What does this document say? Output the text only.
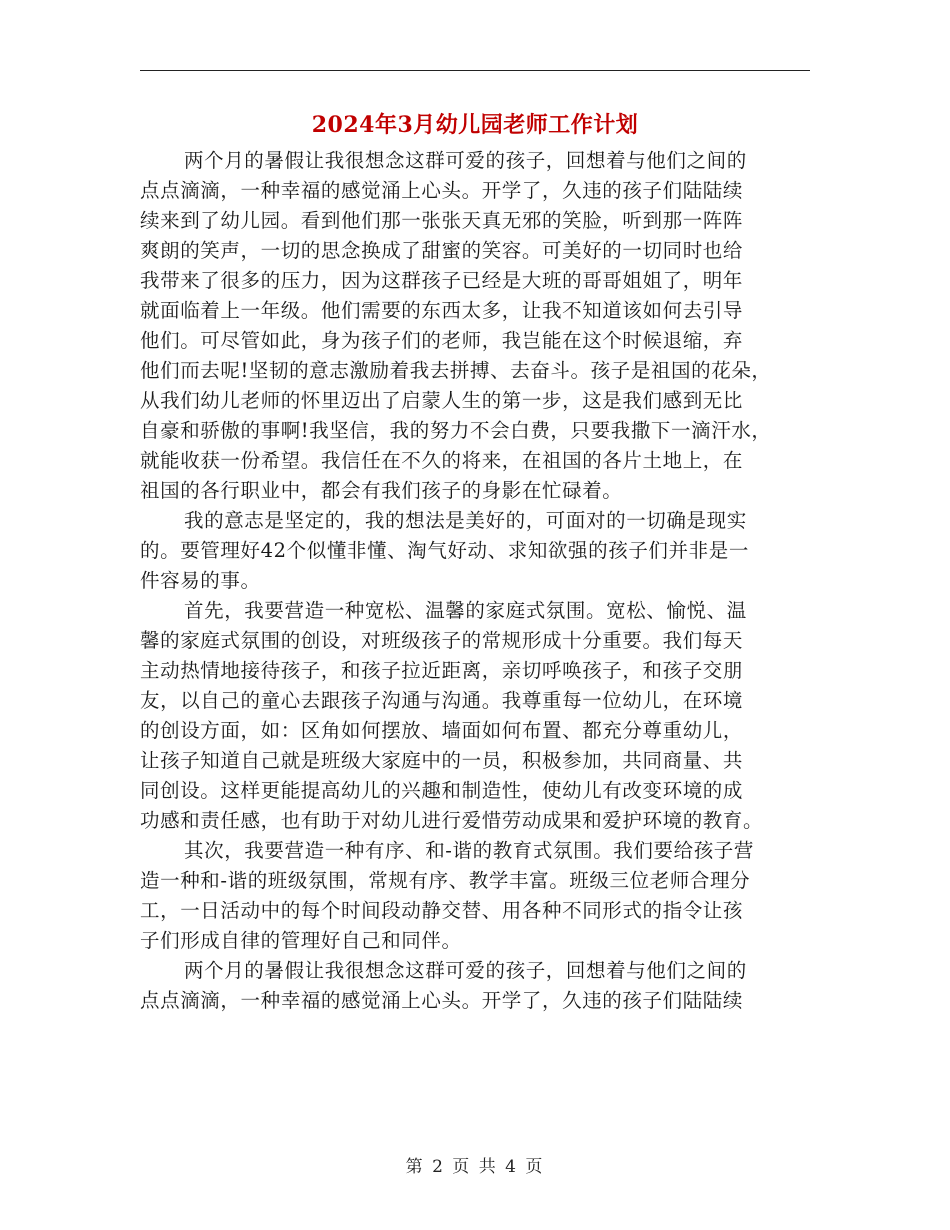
2024年3月幼儿园老师工作计划
两个月的暑假让我很想念这群可爱的孩子，回想着与他们之间的
点点滴滴，一种幸福的感觉涌上心头。开学了，久违的孩子们陆陆续
续来到了幼儿园。看到他们那一张张天真无邪的笑脸，听到那一阵阵
爽朗的笑声，一切的思念换成了甜蜜的笑容。可美好的一切同时也给
我带来了很多的压力，因为这群孩子已经是大班的哥哥姐姐了，明年
就面临着上一年级。他们需要的东西太多，让我不知道该如何去引导
他们。可尽管如此，身为孩子们的老师，我岂能在这个时候退缩，弃
他们而去呢!坚韧的意志激励着我去拼搏、去奋斗。孩子是祖国的花朵，
从我们幼儿老师的怀里迈出了启蒙人生的第一步，这是我们感到无比
自豪和骄傲的事啊!我坚信，我的努力不会白费，只要我撒下一滴汗水，
就能收获一份希望。我信任在不久的将来，在祖国的各片土地上，在
祖国的各行职业中，都会有我们孩子的身影在忙碌着。
我的意志是坚定的，我的想法是美好的，可面对的一切确是现实
的。要管理好42个似懂非懂、淘气好动、求知欲强的孩子们并非是一
件容易的事。
首先，我要营造一种宽松、温馨的家庭式氛围。宽松、愉悦、温
馨的家庭式氛围的创设，对班级孩子的常规形成十分重要。我们每天
主动热情地接待孩子，和孩子拉近距离，亲切呼唤孩子，和孩子交朋
友，以自己的童心去跟孩子沟通与沟通。我尊重每一位幼儿，在环境
的创设方面，如：区角如何摆放、墙面如何布置、都充分尊重幼儿，
让孩子知道自己就是班级大家庭中的一员，积极参加，共同商量、共
同创设。这样更能提高幼儿的兴趣和制造性，使幼儿有改变环境的成
功感和责任感，也有助于对幼儿进行爱惜劳动成果和爱护环境的教育。
其次，我要营造一种有序、和-谐的教育式氛围。我们要给孩子营
造一种和-谐的班级氛围，常规有序、教学丰富。班级三位老师合理分
工，一日活动中的每个时间段动静交替、用各种不同形式的指令让孩
子们形成自律的管理好自己和同伴。
两个月的暑假让我很想念这群可爱的孩子，回想着与他们之间的
点点滴滴，一种幸福的感觉涌上心头。开学了，久违的孩子们陆陆续
第 2 页 共 4 页
